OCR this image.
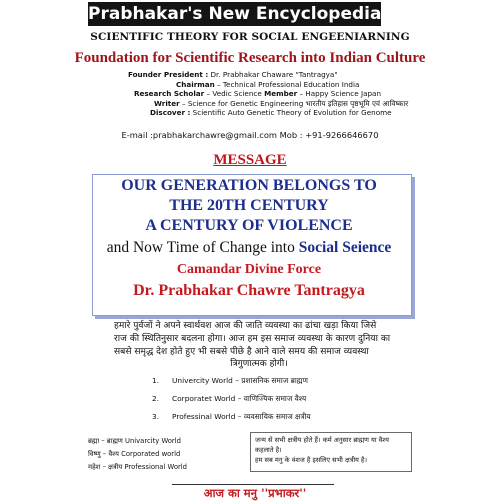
Prabhakar's New Encyclopedia
SCIENTIFIC THEORY FOR SOCIAL ENGEENIARNING
Foundation for Scientific Research into Indian Culture
Founder President : Dr. Prabhakar Chaware "Tantragya"
Chairman – Technical Professional Education India
Research Scholar – Vedic Science Member – Happy Science Japan
Writer – Science for Genetic Engineering भारतीय इतिहास पृष्ठभूमि एवं आविष्कार
Discover : Scientific Auto Genetic Theory of Evolution for Genome
E-mail :prabhakarchawre@gmail.com Mob : +91-9266646670
MESSAGE
OUR GENERATION BELONGS TO
THE 20TH CENTURY
A CENTURY OF VIOLENCE
and Now Time of Change into Social Seience
Camandar Divine Force
Dr. Prabhakar Chawre Tantragya
हमारे पुर्वजों ने अपने स्वार्थवश आज की जाति व्यवस्था का ढांचा खड़ा किया जिसे
राज की स्थितिनुसार बदलना होगा। आज हम इस समाज व्यवस्था के कारण दुनिया का
सबसे समृद्ध देश होते हुए भी सबसे पीछे है आने वाले समय की समाज व्यवस्था
त्रिगुणात्मक होगी।
1. Univercity World – प्रशासनिक समाज ब्राह्मण
2. Corporatet World – वाणिज्यिक समाज वैश्य
3. Professinal World – व्यवसायिक समाज क्षत्रीय
ब्रह्मा – ब्राह्मण Univarcity World
विष्णु – वैश्य Corporated world
महेश – क्षत्रीय Professional World
जन्म से सभी क्षत्रीय होते हैं। कर्म अनुसार ब्राह्मण या वैश्य
कहलाते है।
हम सब मनु के वंशज है इसलिए सभी क्षत्रीय है।
आज का मनु ''प्रभाकर''
